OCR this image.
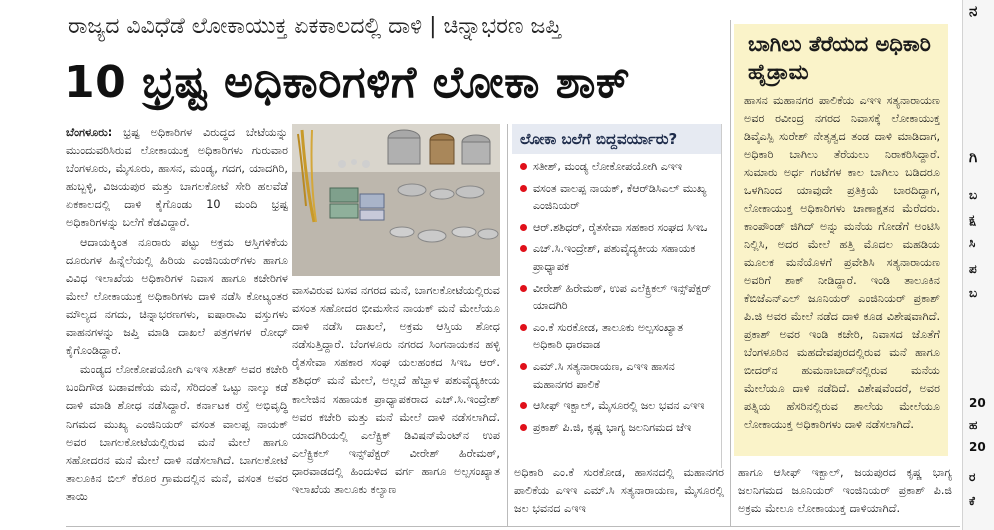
ರಾಜ್ಯದ ವಿವಿಧೆಡೆ ಲೋಕಾಯುಕ್ತ ಏಕಕಾಲದಲ್ಲಿ ದಾಳಿ | ಚಿನ್ನಾಭರಣ ಜಪ್ತಿ
10 ಭ್ರಷ್ಟ ಅಧಿಕಾರಿಗಳಿಗೆ ಲೋಕಾ ಶಾಕ್

ಬೆಂಗಳೂರು: ಭ್ರಷ್ಟ ಅಧಿಕಾರಿಗಳ ವಿರುದ್ಧದ ಬೇಟೆಯನ್ನು ಮುಂದುವರಿಸಿರುವ ಲೋಕಾಯುಕ್ತ ಅಧಿಕಾರಿಗಳು ಗುರುವಾರ ಬೆಂಗಳೂರು, ಮೈಸೂರು, ಹಾಸನ, ಮಂಡ್ಯ, ಗದಗ, ಯಾದಗಿರಿ, ಹುಬ್ಬಳ್ಳಿ, ವಿಜಯಪುರ ಮತ್ತು ಬಾಗಲಕೋಟೆ ಸೇರಿ ಹಲವೆಡೆ ಏಕಕಾಲದಲ್ಲಿ ದಾಳಿ ಕೈಗೊಂಡು 10 ಮಂದಿ ಭ್ರಷ್ಟ ಅಧಿಕಾರಿಗಳನ್ನು ಬಲೆಗೆ ಕೆಡವಿದ್ದಾರೆ.

ಆದಾಯಕ್ಕಿಂತ ನೂರಾರು ಪಟ್ಟು ಅಕ್ರಮ ಆಸ್ತಿಗಳಿಕೆಯ ದೂರುಗಳ ಹಿನ್ನೆಲೆಯಲ್ಲಿ ಹಿರಿಯ ಎಂಜಿನಿಯರ್‌ಗಳು ಹಾಗೂ ವಿವಿಧ ಇಲಾಖೆಯ ಅಧಿಕಾರಿಗಳ ನಿವಾಸ ಹಾಗೂ ಕಚೇರಿಗಳ ಮೇಲೆ ಲೋಕಾಯುಕ್ತ ಅಧಿಕಾರಿಗಳು ದಾಳಿ ನಡೆಸಿ ಕೋಟ್ಯಂತರ ಮೌಲ್ಯದ ನಗದು, ಚಿನ್ನಾಭರಣಗಳು, ಐಷಾರಾಮಿ ವಸ್ತುಗಳು ವಾಹನಗಳನ್ನು ಜಪ್ತಿ ಮಾಡಿ ದಾಖಲೆ ಪತ್ರಗಳಗಳ ರೋಧ್ ಕೈಗೊಂಡಿದ್ದಾರೆ.

ಮಂಡ್ಯದ ಲೋಕೋಪಯೋಗಿ ಎಇಇ ಸತೀಶ್ ಅವರ ಕಚೇರಿ ಬಂದಿಗೌಡ ಬಡಾವಣೆಯ ಮನೆ, ಸೆರಿದಂತೆ ಒಟ್ಟು ನಾಲ್ಕು ಕಡೆ ದಾಳಿ ಮಾಡಿ ಶೋಧ ನಡೆಸಿದ್ದಾರೆ. ಕರ್ನಾಟಕ ರಸ್ತೆ ಅಭಿವೃದ್ಧಿ ನಿಗಮದ ಮುಖ್ಯ ಎಂಜಿನಿಯರ್ ವಸಂತ ವಾಲಪ್ಪ ನಾಯಕ್ ಅವರ ಬಾಗಲಕೋಟೆಯಲ್ಲಿರುವ ಮನೆ ಮೇಲೆ ಹಾಗೂ ಸಹೋದರನ ಮನೆ ಮೇಲೆ ದಾಳಿ ನಡೆಸಲಾಗಿದೆ. ಬಾಗಲಕೋಟೆ ತಾಲೂಕಿನ ಬಿಲ್ ಕೆರೂರ ಗ್ರಾಮದಲ್ಲಿನ ಮನೆ, ವಸಂತ ಅವರ ತಾಯಿ

ವಾಸವಿರುವ ಬಸವ ನಗರದ ಮನೆ, ಬಾಗಲಕೋಟೆಯಲ್ಲಿರುವ ವಸಂತ ಸಹೋದರ ಭೀಮಸೇನ ನಾಯಕ್ ಮನೆ ಮೇಲೆಯೂ ದಾಳಿ ನಡೆಸಿ ದಾಖಲೆ, ಅಕ್ರಮ ಆಸ್ತಿಯ ಶೋಧ ನಡೆಸುತ್ತಿದ್ದಾರೆ. ಬೆಂಗಳೂರು ನಗರದ ಸಿಂಗನಾಯಕನ ಹಳ್ಳಿ ರೈತಸೇವಾ ಸಹಕಾರ ಸಂಘ ಯಲಹಂಕದ ಸಿಇಒ ಆರ್. ಶಶಿಧರ್ ಮನೆ ಮೇಲೆ, ಅಲ್ಲದೆ ಹೆಬ್ಬಾಳ ಪಶುವೈದ್ಯಕೀಯ ಕಾಲೇಜಿನ ಸಹಾಯಕ ಪ್ರಾಧ್ಯಾಪಕರಾದ ಎಚ್.ಸಿ.ಇಂದ್ರೇಶ್ ಅವರ ಕಚೇರಿ ಮತ್ತು ಮನೆ ಮೇಲೆ ದಾಳಿ ನಡೆಸಲಾಗಿದೆ. ಯಾದಗಿರಿಯಲ್ಲಿ ಎಲೆಕ್ಟ್ರಿಕ್ ಡಿವಿಷನ್‌ಮೆಂಟ್‌ನ ಉಪ ಎಲೆಕ್ಟ್ರಿಕಲ್ ಇನ್ಸ್‌ಪೆಕ್ಟರ್ ವೀರೇಶ್ ಹಿರೇಮಠ್, ಧಾರವಾಡದಲ್ಲಿ ಹಿಂದುಳಿದ ವರ್ಗ ಹಾಗೂ ಅಲ್ಪಸಂಖ್ಯಾತ ಇಲಾಖೆಯ ತಾಲೂಕು ಕಲ್ಯಾಣ

ಲೋಕಾ ಬಲೆಗೆ ಬಿದ್ದವರ್ಯಾರು?
ಸತೀಶ್, ಮಂಡ್ಯ ಲೋಕೋಪಯೋಗಿ ಎಇಇ
ವಸಂತ ವಾಲಪ್ಪ ನಾಯಕ್, ಕೆಆರ್‌ಡಿಸಿಎಲ್ ಮುಖ್ಯ ಎಂಜಿನಿಯರ್
ಆರ್.ಶಶಿಧರ್, ರೈತಸೇವಾ ಸಹಕಾರ ಸಂಘದ ಸಿಇಒ
ಎಚ್.ಸಿ.ಇಂದ್ರೇಶ್, ಪಶುವೈದ್ಯಕೀಯ ಸಹಾಯಕ ಪ್ರಾಧ್ಯಾಪಕ
ವೀರೇಶ್ ಹಿರೇಮಠ್, ಉಪ ಎಲೆಕ್ಟ್ರಿಕಲ್ ಇನ್ಸ್‌ಪೆಕ್ಟರ್ ಯಾದಗಿರಿ
ಎಂ.ಕೆ ಸುರಕೋಡ, ತಾಲೂಕು ಅಲ್ಪಸಂಖ್ಯಾತ ಅಧಿಕಾರಿ ಧಾರವಾಡ
ಎಮ್.ಸಿ ಸತ್ಯನಾರಾಯಣ, ಎಇಇ ಹಾಸನ ಮಹಾನಗರ ಪಾಲಿಕೆ
ಆಸೀಫ್ ಇಕ್ಬಾಲ್, ಮೈಸೂರಲ್ಲಿ ಜಲ ಭವನ ಎಇಇ
ಪ್ರಕಾಶ್ ಪಿ.ಜಿ, ಕೃಷ್ಣ ಭಾಗ್ಯ ಜಲನಿಗಮದ ಜೆಇ

ಅಧಿಕಾರಿ ಎಂ.ಕೆ ಸುರಕೋಡ, ಹಾಸನದಲ್ಲಿ ಮಹಾನಗರ ಪಾಲಿಕೆಯ ಎಇಇ ಎಮ್.ಸಿ ಸತ್ಯನಾರಾಯಣ, ಮೈಸೂರಲ್ಲಿ ಜಲ ಭವನದ ಎಇಇ

ಬಾಗಿಲು ತೆರೆಯದ ಅಧಿಕಾರಿ ಹೈಡ್ರಾಮ
ಹಾಸನ ಮಹಾನಗರ ಪಾಲಿಕೆಯ ಎಇಇ ಸತ್ಯನಾರಾಯಣ ಅವರ ರವೀಂದ್ರ ನಗರದ ನಿವಾಸಕ್ಕೆ ಲೋಕಾಯುಕ್ತ ಡಿವೈಎಸ್ಪಿ ಸುರೇಶ್ ನೇತೃತ್ವದ ತಂಡ ದಾಳಿ ಮಾಡಿದಾಗ, ಅಧಿಕಾರಿ ಬಾಗಿಲು ತೆರೆಯಲು ನಿರಾಕರಿಸಿದ್ದಾರೆ. ಸುಮಾರು ಅರ್ಧ ಗಂಟೆಗಳ ಕಾಲ ಬಾಗಿಲು ಬಡಿದರೂ ಒಳಗಿನಿಂದ ಯಾವುದೇ ಪ್ರತಿಕ್ರಿಯೆ ಬಾರದಿದ್ದಾಗ, ಲೋಕಾಯುಕ್ತ ಅಧಿಕಾರಿಗಳು ಚಾಣಾಕ್ಷತನ ಮೆರೆದರು. ಕಾಂಪೌಂಡ್ ಜಿಗಿದ್ ಅನ್ನು ಮನೆಯ ಗೋಡೆಗೆ ಅಂಟಿಸಿ ನಿಲ್ಲಿಸಿ, ಅದರ ಮೇಲೆ ಹತ್ತಿ ಮೊದಲ ಮಹಡಿಯ ಮೂಲಕ ಮನೆಯೊಳಗೆ ಪ್ರವೇಶಿಸಿ ಸತ್ಯನಾರಾಯಣ ಅವರಿಗೆ ಶಾಕ್ ನೀಡಿದ್ದಾರೆ. ಇಂಡಿ ತಾಲೂಕಿನ ಕೆಬಿಜೆಎನ್‌ಎಲ್ ಜೂನಿಯರ್ ಎಂಜಿನಿಯರ್ ಪ್ರಕಾಶ್ ಪಿ.ಜಿ ಅವರ ಮೇಲೆ ನಡೆದ ದಾಳಿ ಕೂಡ ವಿಶೇಷವಾಗಿದೆ. ಪ್ರಕಾಶ್ ಅವರ ಇಂಡಿ ಕಚೇರಿ, ನಿವಾಸದ ಜೊತೆಗೆ ಬೆಂಗಳೂರಿನ ಮಹದೇವಪುರದಲ್ಲಿರುವ ಮನೆ ಹಾಗೂ ಬೀದರ್‌ನ ಹುಮನಾಬಾದ್‌ನಲ್ಲಿರುವ ಮನೆಯ ಮೇಲೆಯೂ ದಾಳಿ ನಡೆದಿದೆ. ವಿಶೇಷವೆಂದರೆ, ಅವರ ಪತ್ನಿಯ ಹೆಸರಿನಲ್ಲಿರುವ ಶಾಲೆಯ ಮೇಲೆಯೂ ಲೋಕಾಯುಕ್ತ ಅಧಿಕಾರಿಗಳು ದಾಳಿ ನಡೆಸಲಾಗಿದೆ.

ಹಾಗೂ ಆಸೀಫ್ ಇಕ್ಬಾಲ್, ಜಯಪುರದ ಕೃಷ್ಣ ಭಾಗ್ಯ ಜಲನಿಗಮದ ಜೂನಿಯರ್ ಇಂಜಿನಿಯರ್ ಪ್ರಕಾಶ್ ಪಿ.ಜಿ ಅಕ್ರಮ ಮೇಲೂ ಲೋಕಾಯುಕ್ತ ದಾಳಿಯಾಗಿದೆ.

ನ
ಗಿ
ಬ
ಕ್ಷ
ಸಿ
ಪ
ಬ
20
ಹ
20
ರ
ಕೆ
